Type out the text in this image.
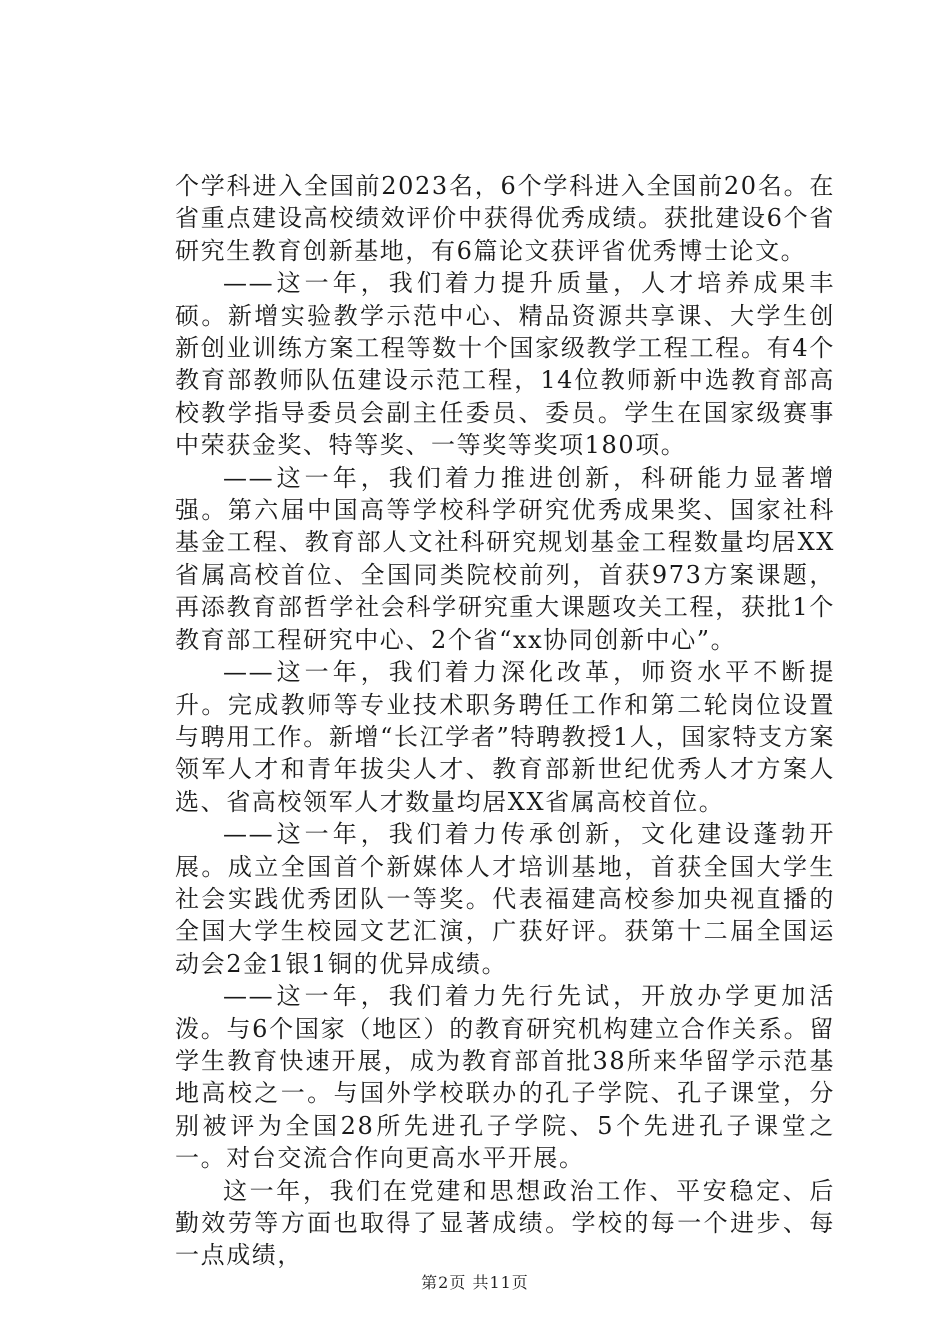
个学科进入全国前2023名，6个学科进入全国前20名。在省重点建设高校绩效评价中获得优秀成绩。获批建设6个省研究生教育创新基地，有6篇论文获评省优秀博士论文。

——这一年，我们着力提升质量，人才培养成果丰硕。新增实验教学示范中心、精品资源共享课、大学生创新创业训练方案工程等数十个国家级教学工程工程。有4个教育部教师队伍建设示范工程，14位教师新中选教育部高校教学指导委员会副主任委员、委员。学生在国家级赛事中荣获金奖、特等奖、一等奖等奖项180项。

——这一年，我们着力推进创新，科研能力显著增强。第六届中国高等学校科学研究优秀成果奖、国家社科基金工程、教育部人文社科研究规划基金工程数量均居XX省属高校首位、全国同类院校前列，首获973方案课题，再添教育部哲学社会科学研究重大课题攻关工程，获批1个教育部工程研究中心、2个省“xx协同创新中心”。

——这一年，我们着力深化改革，师资水平不断提升。完成教师等专业技术职务聘任工作和第二轮岗位设置与聘用工作。新增“长江学者”特聘教授1人，国家特支方案领军人才和青年拔尖人才、教育部新世纪优秀人才方案人选、省高校领军人才数量均居XX省属高校首位。

——这一年，我们着力传承创新，文化建设蓬勃开展。成立全国首个新媒体人才培训基地，首获全国大学生社会实践优秀团队一等奖。代表福建高校参加央视直播的全国大学生校园文艺汇演，广获好评。获第十二届全国运动会2金1银1铜的优异成绩。

——这一年，我们着力先行先试，开放办学更加活泼。与6个国家（地区）的教育研究机构建立合作关系。留学生教育快速开展，成为教育部首批38所来华留学示范基地高校之一。与国外学校联办的孔子学院、孔子课堂，分别被评为全国28所先进孔子学院、5个先进孔子课堂之一。对台交流合作向更高水平开展。

这一年，我们在党建和思想政治工作、平安稳定、后勤效劳等方面也取得了显著成绩。学校的每一个进步、每一点成绩，

第2页 共11页
